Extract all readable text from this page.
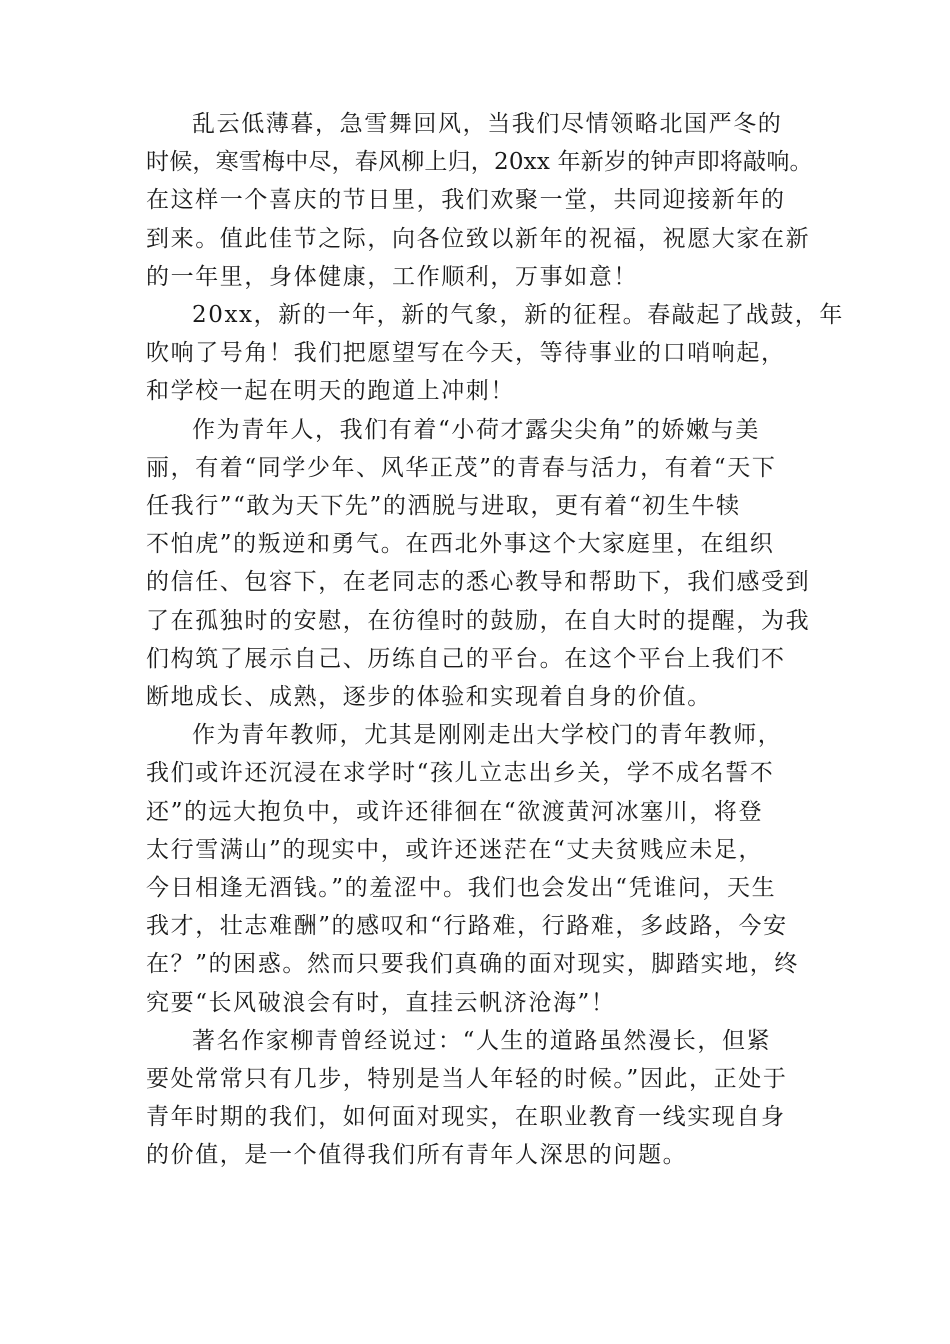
乱云低薄暮，急雪舞回风，当我们尽情领略北国严冬的
时候，寒雪梅中尽，春风柳上归，20xx 年新岁的钟声即将敲响。
在这样一个喜庆的节日里，我们欢聚一堂，共同迎接新年的
到来。值此佳节之际，向各位致以新年的祝福，祝愿大家在新
的一年里，身体健康，工作顺利，万事如意！

20xx，新的一年，新的气象，新的征程。春敲起了战鼓，年
吹响了号角！我们把愿望写在今天，等待事业的口哨响起，
和学校一起在明天的跑道上冲刺！

作为青年人，我们有着“小荷才露尖尖角”的娇嫩与美
丽，有着“同学少年、风华正茂”的青春与活力，有着“天下
任我行”“敢为天下先”的洒脱与进取，更有着“初生牛犊
不怕虎”的叛逆和勇气。在西北外事这个大家庭里，在组织
的信任、包容下，在老同志的悉心教导和帮助下，我们感受到
了在孤独时的安慰，在彷徨时的鼓励，在自大时的提醒，为我
们构筑了展示自己、历练自己的平台。在这个平台上我们不
断地成长、成熟，逐步的体验和实现着自身的价值。

作为青年教师，尤其是刚刚走出大学校门的青年教师，
我们或许还沉浸在求学时“孩儿立志出乡关，学不成名誓不
还”的远大抱负中，或许还徘徊在“欲渡黄河冰塞川，将登
太行雪满山”的现实中，或许还迷茫在“丈夫贫贱应未足，
今日相逢无酒钱。”的羞涩中。我们也会发出“凭谁问，天生
我才，壮志难酬”的感叹和“行路难，行路难，多歧路，今安
在？”的困惑。然而只要我们真确的面对现实，脚踏实地，终
究要“长风破浪会有时，直挂云帆济沧海”！

著名作家柳青曾经说过：“人生的道路虽然漫长，但紧
要处常常只有几步，特别是当人年轻的时候。”因此，正处于
青年时期的我们，如何面对现实，在职业教育一线实现自身
的价值，是一个值得我们所有青年人深思的问题。
